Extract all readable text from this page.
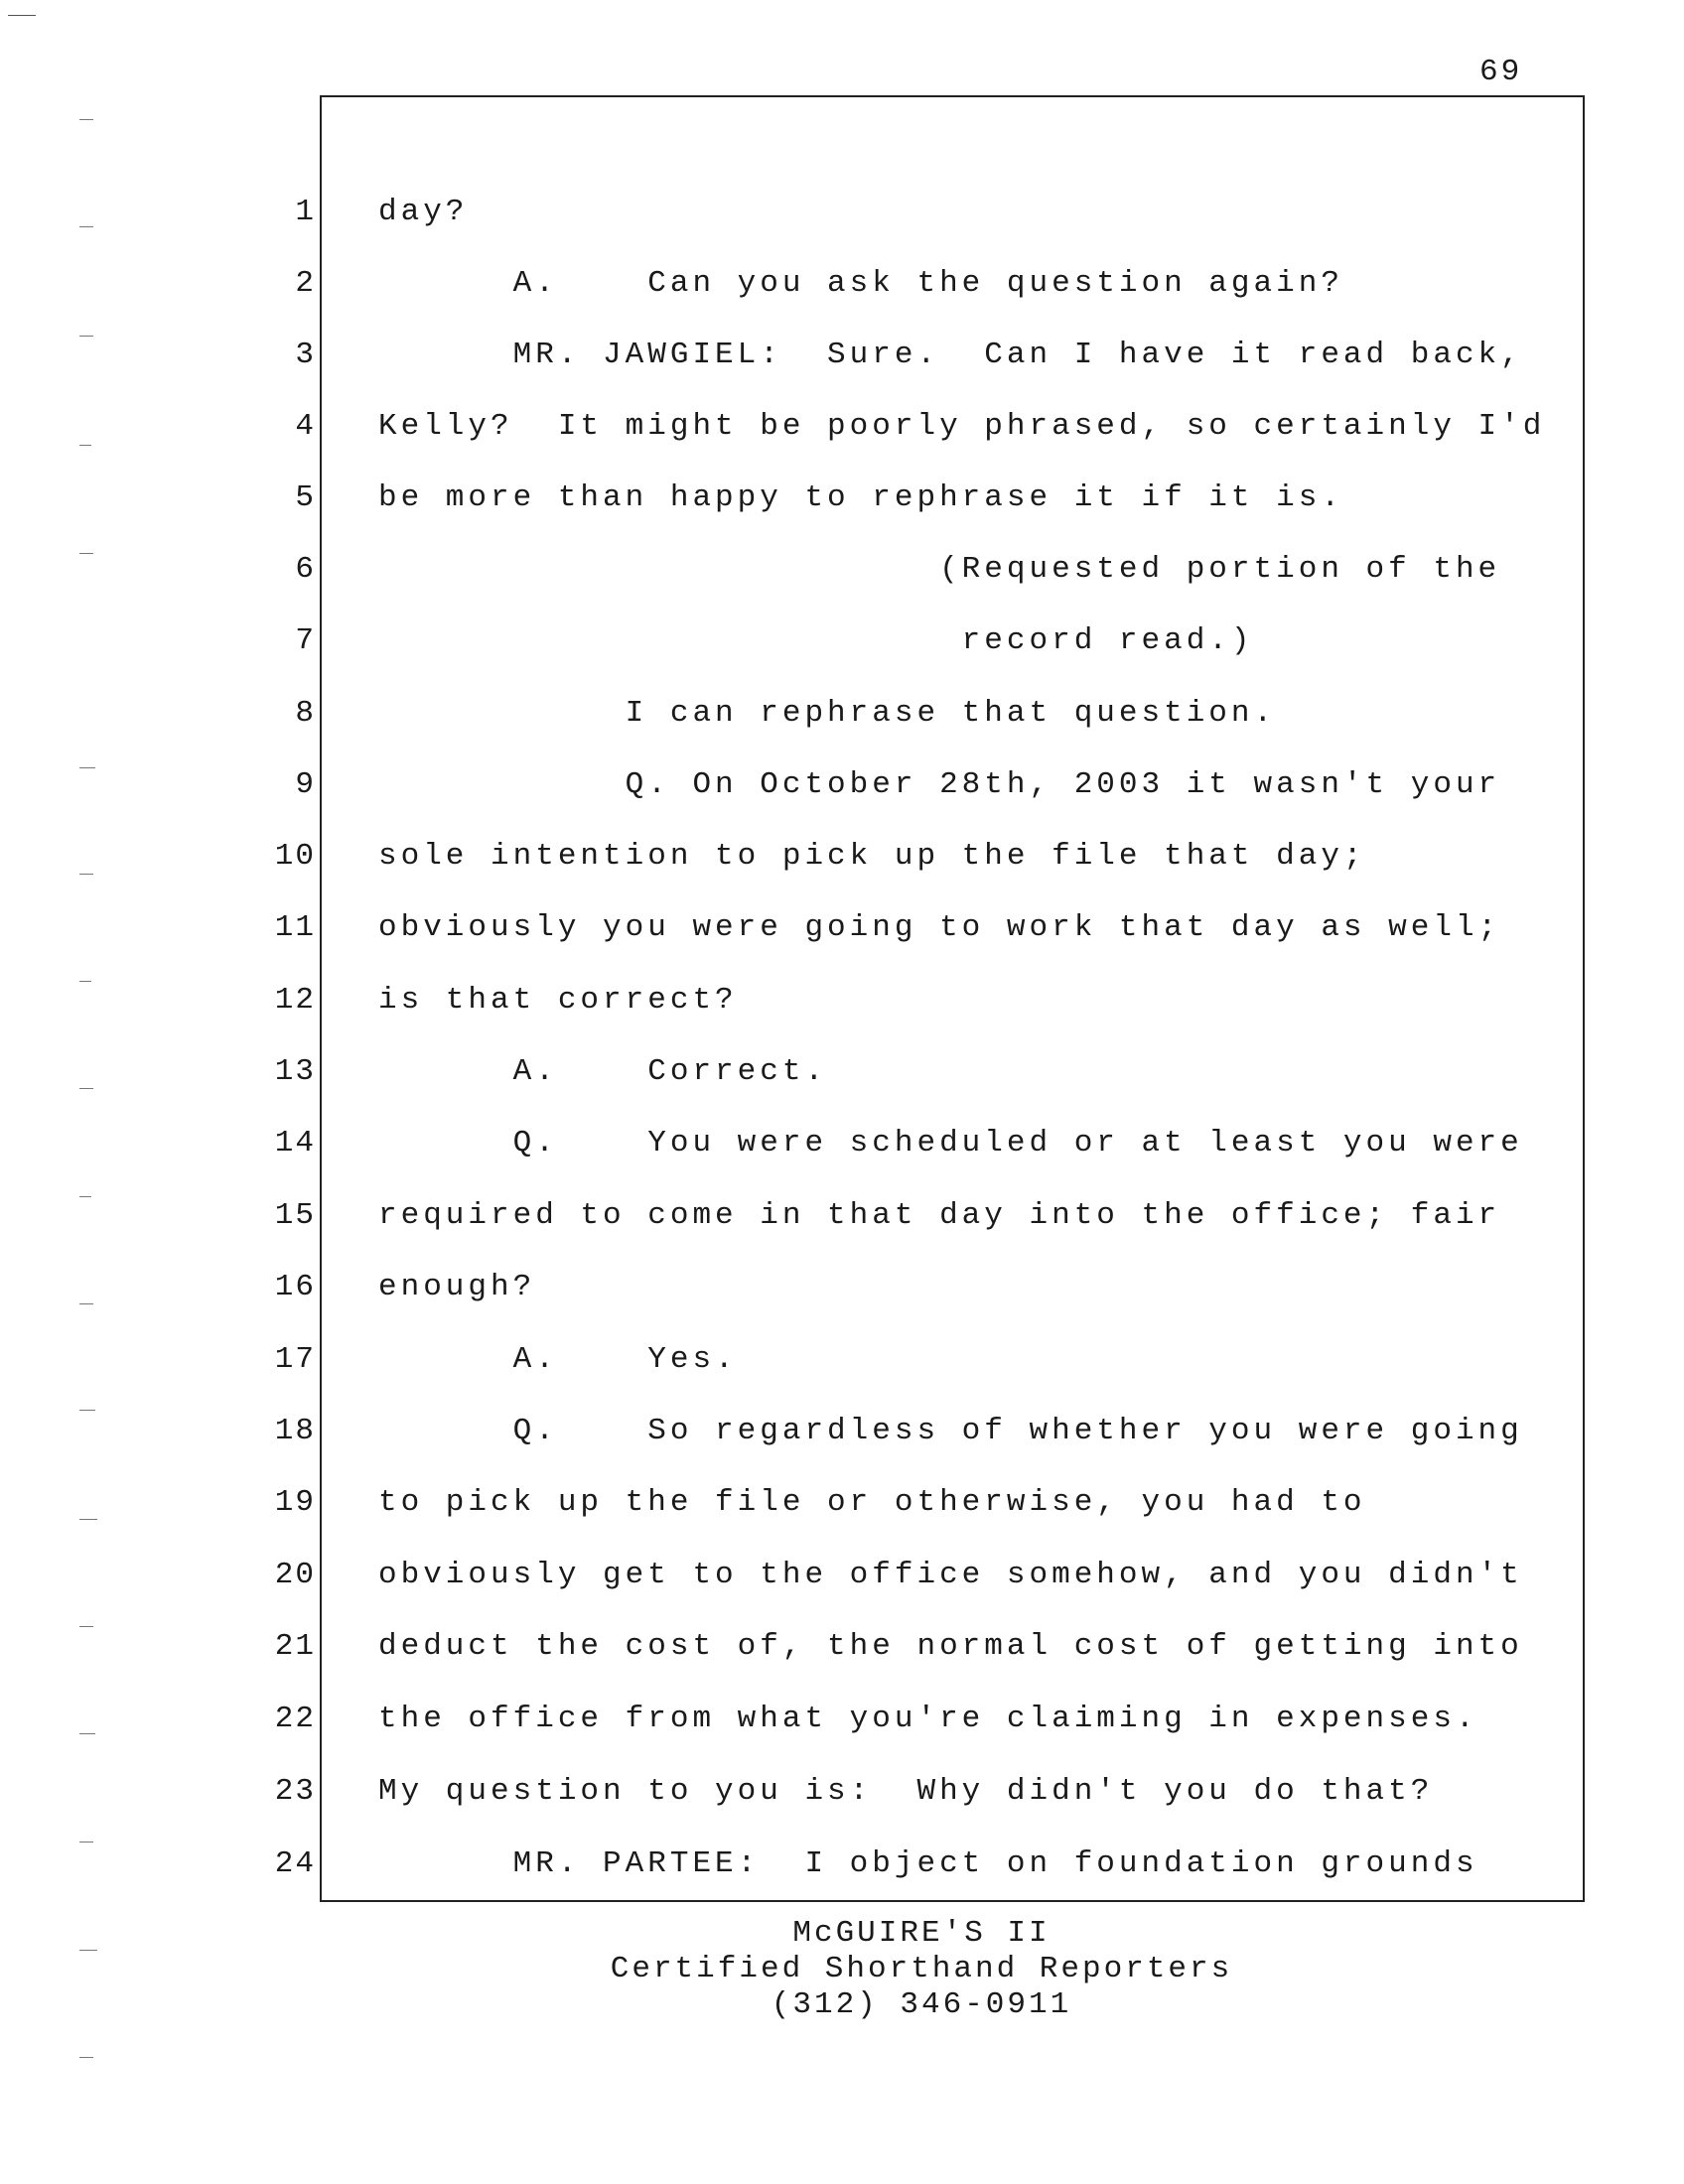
69
1 day?
2 A.    Can you ask the question again?
3 MR. JAWGIEL:  Sure.  Can I have it read back,
4 Kelly?  It might be poorly phrased, so certainly I'd
5 be more than happy to rephrase it if it is.
6 (Requested portion of the
7 record read.)
8 I can rephrase that question.
9 Q. On October 28th, 2003 it wasn't your
10 sole intention to pick up the file that day;
11 obviously you were going to work that day as well;
12 is that correct?
13 A.    Correct.
14 Q.    You were scheduled or at least you were
15 required to come in that day into the office; fair
16 enough?
17 A.    Yes.
18 Q.    So regardless of whether you were going
19 to pick up the file or otherwise, you had to
20 obviously get to the office somehow, and you didn't
21 deduct the cost of, the normal cost of getting into
22 the office from what you're claiming in expenses.
23 My question to you is:  Why didn't you do that?
24 MR. PARTEE:  I object on foundation grounds
McGUIRE'S II
Certified Shorthand Reporters
(312) 346-0911
